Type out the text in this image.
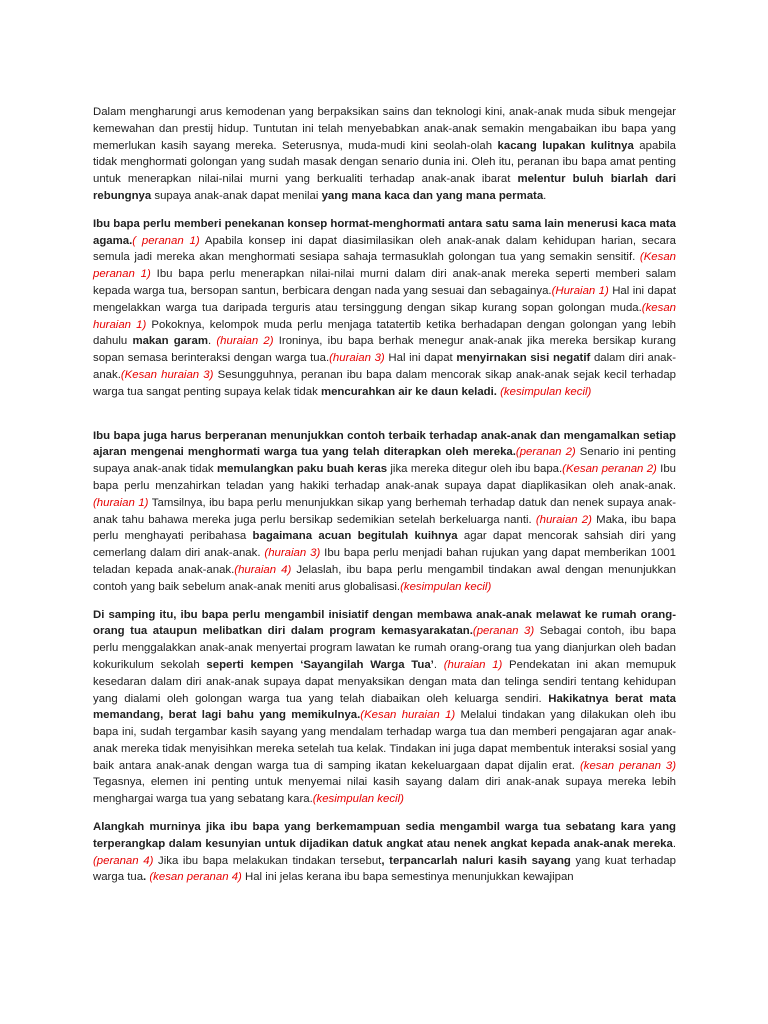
Dalam mengharungi arus kemodenan yang berpaksikan sains dan teknologi kini, anak-anak muda sibuk mengejar kemewahan dan prestij hidup. Tuntutan ini telah menyebabkan anak-anak semakin mengabaikan ibu bapa yang memerlukan kasih sayang mereka. Seterusnya, muda-mudi kini seolah-olah kacang lupakan kulitnya apabila tidak menghormati golongan yang sudah masak dengan senario dunia ini. Oleh itu, peranan ibu bapa amat penting untuk menerapkan nilai-nilai murni yang berkualiti terhadap anak-anak ibarat melentur buluh biarlah dari rebungnya supaya anak-anak dapat menilai yang mana kaca dan yang mana permata.

Ibu bapa perlu memberi penekanan konsep hormat-menghormati antara satu sama lain menerusi kaca mata agama.( peranan 1) Apabila konsep ini dapat diasimilasikan oleh anak-anak dalam kehidupan harian, secara semula jadi mereka akan menghormati sesiapa sahaja termasuklah golongan tua yang semakin sensitif. (Kesan peranan 1) Ibu bapa perlu menerapkan nilai-nilai murni dalam diri anak-anak mereka seperti memberi salam kepada warga tua, bersopan santun, berbicara dengan nada yang sesuai dan sebagainya.(Huraian 1) Hal ini dapat mengelakkan warga tua daripada terguris atau tersinggung dengan sikap kurang sopan golongan muda.(kesan huraian 1) Pokoknya, kelompok muda perlu menjaga tatatertib ketika berhadapan dengan golongan yang lebih dahulu makan garam. (huraian 2) Ironinya, ibu bapa berhak menegur anak-anak jika mereka bersikap kurang sopan semasa berinteraksi dengan warga tua.(huraian 3) Hal ini dapat menyirnakan sisi negatif dalam diri anak-anak.(Kesan huraian 3) Sesungguhnya, peranan ibu bapa dalam mencorak sikap anak-anak sejak kecil terhadap warga tua sangat penting supaya kelak tidak mencurahkan air ke daun keladi. (kesimpulan kecil)

Ibu bapa juga harus berperanan menunjukkan contoh terbaik terhadap anak-anak dan mengamalkan setiap ajaran mengenai menghormati warga tua yang telah diterapkan oleh mereka.(peranan 2) Senario ini penting supaya anak-anak tidak memulangkan paku buah keras jika mereka ditegur oleh ibu bapa.(Kesan peranan 2) Ibu bapa perlu menzahirkan teladan yang hakiki terhadap anak-anak supaya dapat diaplikasikan oleh anak-anak.(huraian 1) Tamsilnya, ibu bapa perlu menunjukkan sikap yang berhemah terhadap datuk dan nenek supaya anak-anak tahu bahawa mereka juga perlu bersikap sedemikian setelah berkeluarga nanti. (huraian 2) Maka, ibu bapa perlu menghayati peribahasa bagaimana acuan begitulah kuihnya agar dapat mencorak sahsiah diri yang cemerlang dalam diri anak-anak. (huraian 3) Ibu bapa perlu menjadi bahan rujukan yang dapat memberikan 1001 teladan kepada anak-anak.(huraian 4) Jelaslah, ibu bapa perlu mengambil tindakan awal dengan menunjukkan contoh yang baik sebelum anak-anak meniti arus globalisasi.(kesimpulan kecil)

Di samping itu, ibu bapa perlu mengambil inisiatif dengan membawa anak-anak melawat ke rumah orang-orang tua ataupun melibatkan diri dalam program kemasyarakatan.(peranan 3) Sebagai contoh, ibu bapa perlu menggalakkan anak-anak menyertai program lawatan ke rumah orang-orang tua yang dianjurkan oleh badan kokurikulum sekolah seperti kempen ‘Sayangilah Warga Tua’. (huraian 1) Pendekatan ini akan memupuk kesedaran dalam diri anak-anak supaya dapat menyaksikan dengan mata dan telinga sendiri tentang kehidupan yang dialami oleh golongan warga tua yang telah diabaikan oleh keluarga sendiri. Hakikatnya berat mata memandang, berat lagi bahu yang memikulnya.(Kesan huraian 1) Melalui tindakan yang dilakukan oleh ibu bapa ini, sudah tergambar kasih sayang yang mendalam terhadap warga tua dan memberi pengajaran agar anak-anak mereka tidak menyisihkan mereka setelah tua kelak. Tindakan ini juga dapat membentuk interaksi sosial yang baik antara anak-anak dengan warga tua di samping ikatan kekeluargaan dapat dijalin erat. (kesan peranan 3) Tegasnya, elemen ini penting untuk menyemai nilai kasih sayang dalam diri anak-anak supaya mereka lebih menghargai warga tua yang sebatang kara.(kesimpulan kecil)

Alangkah murninya jika ibu bapa yang berkemampuan sedia mengambil warga tua sebatang kara yang terperangkap dalam kesunyian untuk dijadikan datuk angkat atau nenek angkat kepada anak-anak mereka.(peranan 4) Jika ibu bapa melakukan tindakan tersebut, terpancarlah naluri kasih sayang yang kuat terhadap warga tua. (kesan peranan 4) Hal ini jelas kerana ibu bapa semestinya menunjukkan kewajipan
